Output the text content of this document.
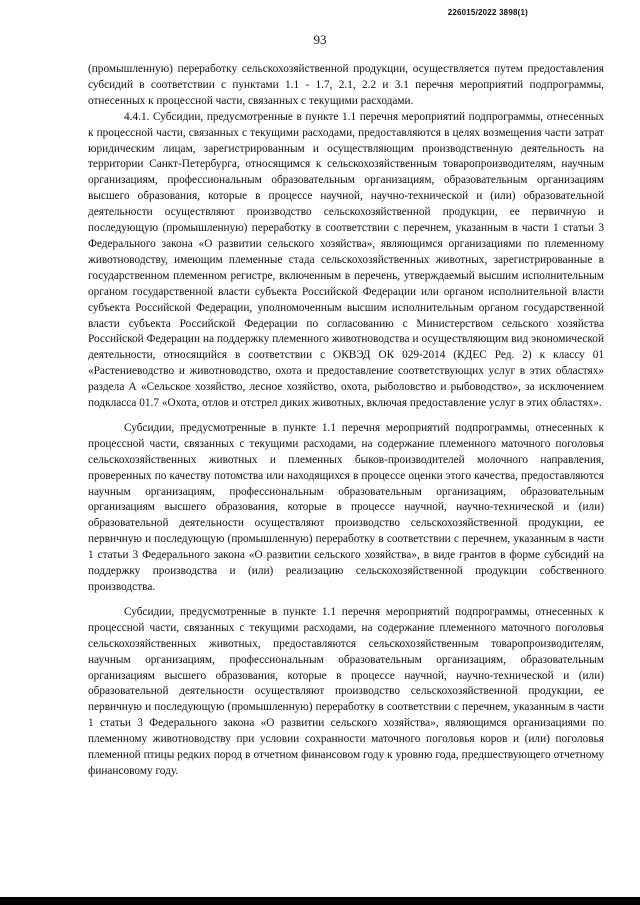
226015/2022 3898(1)
93

(промышленную) переработку сельскохозяйственной продукции, осуществляется путем предоставления субсидий в соответствии с пунктами 1.1 - 1.7, 2.1, 2.2 и 3.1 перечня мероприятий подпрограммы, отнесенных к процессной части, связанных с текущими расходами.

4.4.1. Субсидии, предусмотренные в пункте 1.1 перечня мероприятий подпрограммы, отнесенных к процессной части, связанных с текущими расходами, предоставляются в целях возмещения части затрат юридическим лицам, зарегистрированным и осуществляющим производственную деятельность на территории Санкт-Петербурга, относящимся к сельскохозяйственным товаропроизводителям, научным организациям, профессиональным образовательным организациям, образовательным организациям высшего образования, которые в процессе научной, научно-технической и (или) образовательной деятельности осуществляют производство сельскохозяйственной продукции, ее первичную и последующую (промышленную) переработку в соответствии с перечнем, указанным в части 1 статьи 3 Федерального закона «О развитии сельского хозяйства», являющимся организациями по племенному животноводству, имеющим племенные стада сельскохозяйственных животных, зарегистрированные в государственном племенном регистре, включенным в перечень, утверждаемый высшим исполнительным органом государственной власти субъекта Российской Федерации или органом исполнительной власти субъекта Российской Федерации, уполномоченным высшим исполнительным органом государственной власти субъекта Российской Федерации по согласованию с Министерством сельского хозяйства Российской Федерации на поддержку племенного животноводства и осуществляющим вид экономической деятельности, относящийся в соответствии с ОКВЭД ОК 029-2014 (КДЕС Ред. 2) к классу 01 «Растениеводство и животноводство, охота и предоставление соответствующих услуг в этих областях» раздела А «Сельское хозяйство, лесное хозяйство, охота, рыболовство и рыбоводство», за исключением подкласса 01.7 «Охота, отлов и отстрел диких животных, включая предоставление услуг в этих областях».

Субсидии, предусмотренные в пункте 1.1 перечня мероприятий подпрограммы, отнесенных к процессной части, связанных с текущими расходами, на содержание племенного маточного поголовья сельскохозяйственных животных и племенных быков-производителей молочного направления, проверенных по качеству потомства или находящихся в процессе оценки этого качества, предоставляются научным организациям, профессиональным образовательным организациям, образовательным организациям высшего образования, которые в процессе научной, научно-технической и (или) образовательной деятельности осуществляют производство сельскохозяйственной продукции, ее первичную и последующую (промышленную) переработку в соответствии с перечнем, указанным в части 1 статьи 3 Федерального закона «О развитии сельского хозяйства», в виде грантов в форме субсидий на поддержку производства и (или) реализацию сельскохозяйственной продукции собственного производства.

Субсидии, предусмотренные в пункте 1.1 перечня мероприятий подпрограммы, отнесенных к процессной части, связанных с текущими расходами, на содержание племенного маточного поголовья сельскохозяйственных животных, предоставляются сельскохозяйственным товаропроизводителям, научным организациям, профессиональным образовательным организациям, образовательным организациям высшего образования, которые в процессе научной, научно-технической и (или) образовательной деятельности осуществляют производство сельскохозяйственной продукции, ее первичную и последующую (промышленную) переработку в соответствии с перечнем, указанным в части 1 статьи 3 Федерального закона «О развитии сельского хозяйства», являющимся организациями по племенному животноводству при условии сохранности маточного поголовья коров и (или) поголовья племенной птицы редких пород в отчетном финансовом году к уровню года, предшествующего отчетному финансовому году.
